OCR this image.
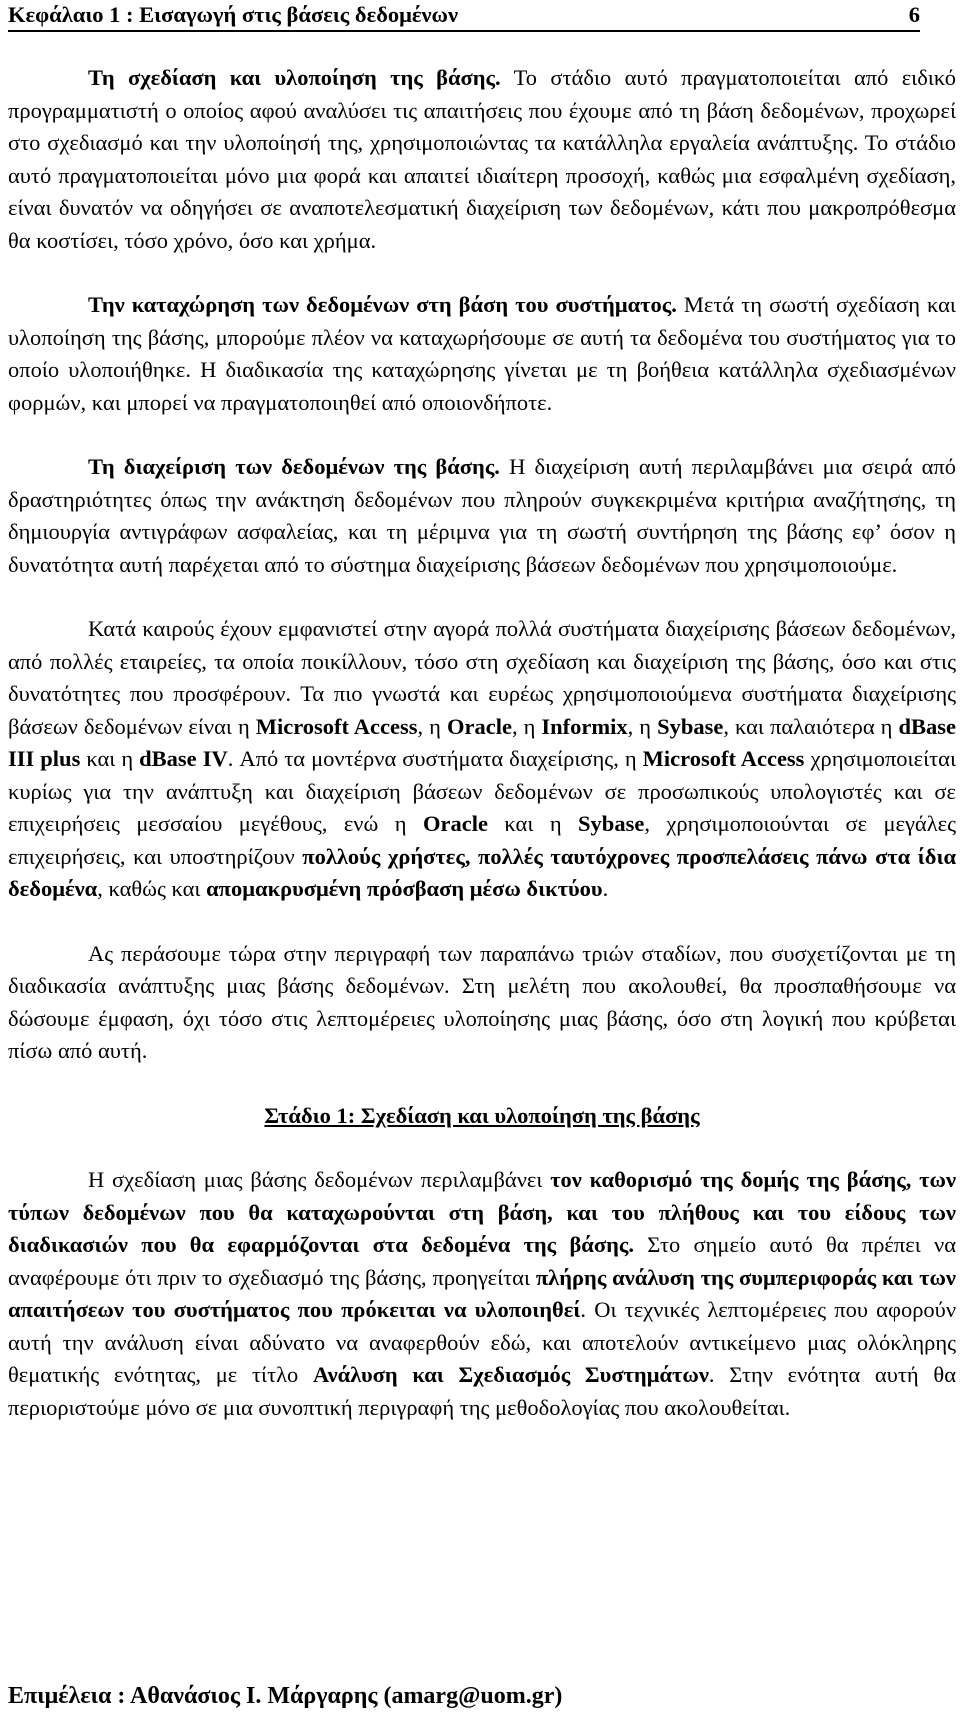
Κεφάλαιο 1 : Εισαγωγή στις βάσεις δεδομένων	6

Τη σχεδίαση και υλοποίηση της βάσης. Το στάδιο αυτό πραγματοποιείται από ειδικό προγραμματιστή ο οποίος αφού αναλύσει τις απαιτήσεις που έχουμε από τη βάση δεδομένων, προχωρεί στο σχεδιασμό και την υλοποίησή της, χρησιμοποιώντας τα κατάλληλα εργαλεία ανάπτυξης. Το στάδιο αυτό πραγματοποιείται μόνο μια φορά και απαιτεί ιδιαίτερη προσοχή, καθώς μια εσφαλμένη σχεδίαση, είναι δυνατόν να οδηγήσει σε αναποτελεσματική διαχείριση των δεδομένων, κάτι που μακροπρόθεσμα θα κοστίσει, τόσο χρόνο, όσο και χρήμα.

Την καταχώρηση των δεδομένων στη βάση του συστήματος. Μετά τη σωστή σχεδίαση και υλοποίηση της βάσης, μπορούμε πλέον να καταχωρήσουμε σε αυτή τα δεδομένα του συστήματος για το οποίο υλοποιήθηκε. Η διαδικασία της καταχώρησης γίνεται με τη βοήθεια κατάλληλα σχεδιασμένων φορμών, και μπορεί να πραγματοποιηθεί από οποιονδήποτε.

Τη διαχείριση των δεδομένων της βάσης. Η διαχείριση αυτή περιλαμβάνει μια σειρά από δραστηριότητες όπως την ανάκτηση δεδομένων που πληρούν συγκεκριμένα κριτήρια αναζήτησης, τη δημιουργία αντιγράφων ασφαλείας, και τη μέριμνα για τη σωστή συντήρηση της βάσης εφ’ όσον η δυνατότητα αυτή παρέχεται από το σύστημα διαχείρισης βάσεων δεδομένων που χρησιμοποιούμε.

Κατά καιρούς έχουν εμφανιστεί στην αγορά πολλά συστήματα διαχείρισης βάσεων δεδομένων, από πολλές εταιρείες, τα οποία ποικίλλουν, τόσο στη σχεδίαση και διαχείριση της βάσης, όσο και στις δυνατότητες που προσφέρουν. Τα πιο γνωστά και ευρέως χρησιμοποιούμενα συστήματα διαχείρισης βάσεων δεδομένων είναι η Microsoft Access, η Oracle, η Informix, η Sybase, και παλαιότερα η dBase III plus και η dBase IV. Από τα μοντέρνα συστήματα διαχείρισης, η Microsoft Access χρησιμοποιείται κυρίως για την ανάπτυξη και διαχείριση βάσεων δεδομένων σε προσωπικούς υπολογιστές και σε επιχειρήσεις μεσσαίου μεγέθους, ενώ η Oracle και η Sybase, χρησιμοποιούνται σε μεγάλες επιχειρήσεις, και υποστηρίζουν πολλούς χρήστες, πολλές ταυτόχρονες προσπελάσεις πάνω στα ίδια δεδομένα, καθώς και απομακρυσμένη πρόσβαση μέσω δικτύου.

Ας περάσουμε τώρα στην περιγραφή των παραπάνω τριών σταδίων, που συσχετίζονται με τη διαδικασία ανάπτυξης μιας βάσης δεδομένων. Στη μελέτη που ακολουθεί, θα προσπαθήσουμε να δώσουμε έμφαση, όχι τόσο στις λεπτομέρειες υλοποίησης μιας βάσης, όσο στη λογική που κρύβεται πίσω από αυτή.

Στάδιο 1: Σχεδίαση και υλοποίηση της βάσης

Η σχεδίαση μιας βάσης δεδομένων περιλαμβάνει τον καθορισμό της δομής της βάσης, των τύπων δεδομένων που θα καταχωρούνται στη βάση, και του πλήθους και του είδους των διαδικασιών που θα εφαρμόζονται στα δεδομένα της βάσης. Στο σημείο αυτό θα πρέπει να αναφέρουμε ότι πριν το σχεδιασμό της βάσης, προηγείται πλήρης ανάλυση της συμπεριφοράς και των απαιτήσεων του συστήματος που πρόκειται να υλοποιηθεί. Οι τεχνικές λεπτομέρειες που αφορούν αυτή την ανάλυση είναι αδύνατο να αναφερθούν εδώ, και αποτελούν αντικείμενο μιας ολόκληρης θεματικής ενότητας, με τίτλο Ανάλυση και Σχεδιασμός Συστημάτων. Στην ενότητα αυτή θα περιοριστούμε μόνο σε μια συνοπτική περιγραφή της μεθοδολογίας που ακολουθείται.

Επιμέλεια : Αθανάσιος Ι. Μάργαρης (amarg@uom.gr)
